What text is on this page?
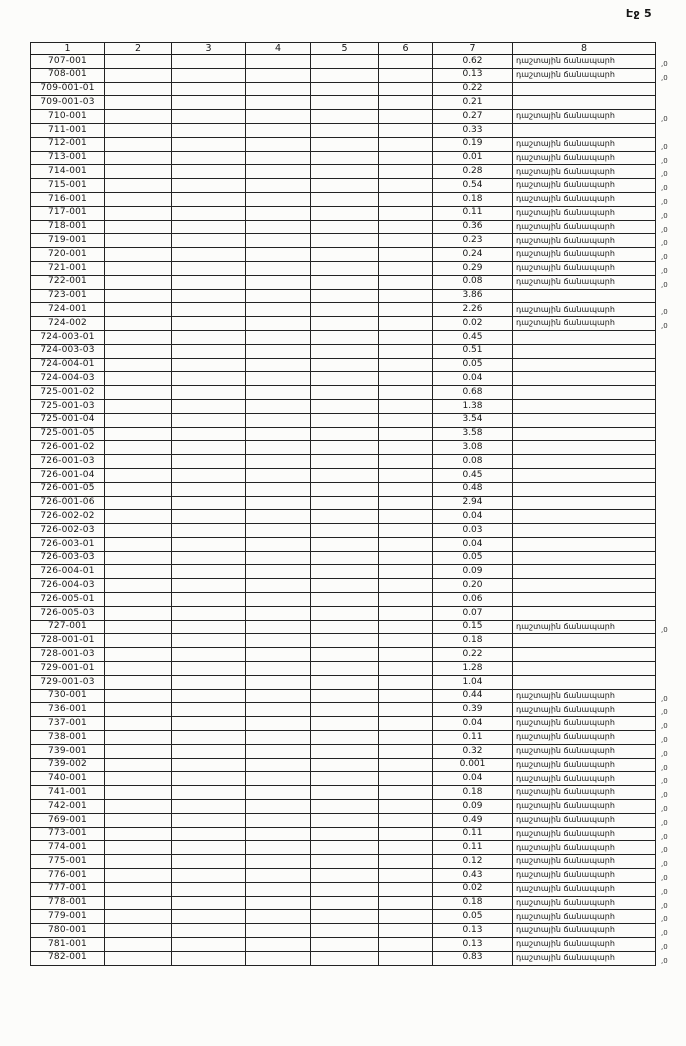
Էջ 5
1	2	3	4	5	6	7	8	
707-001						0.62	դաշտային ճանապարհ	,0
708-001						0.13	դաշտային ճանապարհ	,0
709-001-01						0.22		
709-001-03						0.21		
710-001						0.27	դաշտային ճանապարհ	,0
711-001						0.33		
712-001						0.19	դաշտային ճանապարհ	,0
713-001						0.01	դաշտային ճանապարհ	,0
714-001						0.28	դաշտային ճանապարհ	,0
715-001						0.54	դաշտային ճանապարհ	,0
716-001						0.18	դաշտային ճանապարհ	,0
717-001						0.11	դաշտային ճանապարհ	,0
718-001						0.36	դաշտային ճանապարհ	,0
719-001						0.23	դաշտային ճանապարհ	,0
720-001						0.24	դաշտային ճանապարհ	,0
721-001						0.29	դաշտային ճանապարհ	,0
722-001						0.08	դաշտային ճանապարհ	,0
723-001						3.86		
724-001						2.26	դաշտային ճանապարհ	,0
724-002						0.02	դաշտային ճանապարհ	,0
724-003-01						0.45		
724-003-03						0.51		
724-004-01						0.05		
724-004-03						0.04		
725-001-02						0.68		
725-001-03						1.38		
725-001-04						3.54		
725-001-05						3.58		
726-001-02						3.08		
726-001-03						0.08		
726-001-04						0.45		
726-001-05						0.48		
726-001-06						2.94		
726-002-02						0.04		
726-002-03						0.03		
726-003-01						0.04		
726-003-03						0.05		
726-004-01						0.09		
726-004-03						0.20		
726-005-01						0.06		
726-005-03						0.07		
727-001						0.15	դաշտային ճանապարհ	,0
728-001-01						0.18		
728-001-03						0.22		
729-001-01						1.28		
729-001-03						1.04		
730-001						0.44	դաշտային ճանապարհ	,0
736-001						0.39	դաշտային ճանապարհ	,0
737-001						0.04	դաշտային ճանապարհ	,0
738-001						0.11	դաշտային ճանապարհ	,0
739-001						0.32	դաշտային ճանապարհ	,0
739-002						0.001	դաշտային ճանապարհ	,0
740-001						0.04	դաշտային ճանապարհ	,0
741-001						0.18	դաշտային ճանապարհ	,0
742-001						0.09	դաշտային ճանապարհ	,0
769-001						0.49	դաշտային ճանապարհ	,0
773-001						0.11	դաշտային ճանապարհ	,0
774-001						0.11	դաշտային ճանապարհ	,0
775-001						0.12	դաշտային ճանապարհ	,0
776-001						0.43	դաշտային ճանապարհ	,0
777-001						0.02	դաշտային ճանապարհ	,0
778-001						0.18	դաշտային ճանապարհ	,0
779-001						0.05	դաշտային ճանապարհ	,0
780-001						0.13	դաշտային ճանապարհ	,0
781-001						0.13	դաշտային ճանապարհ	,0
782-001						0.83	դաշտային ճանապարհ	,0
